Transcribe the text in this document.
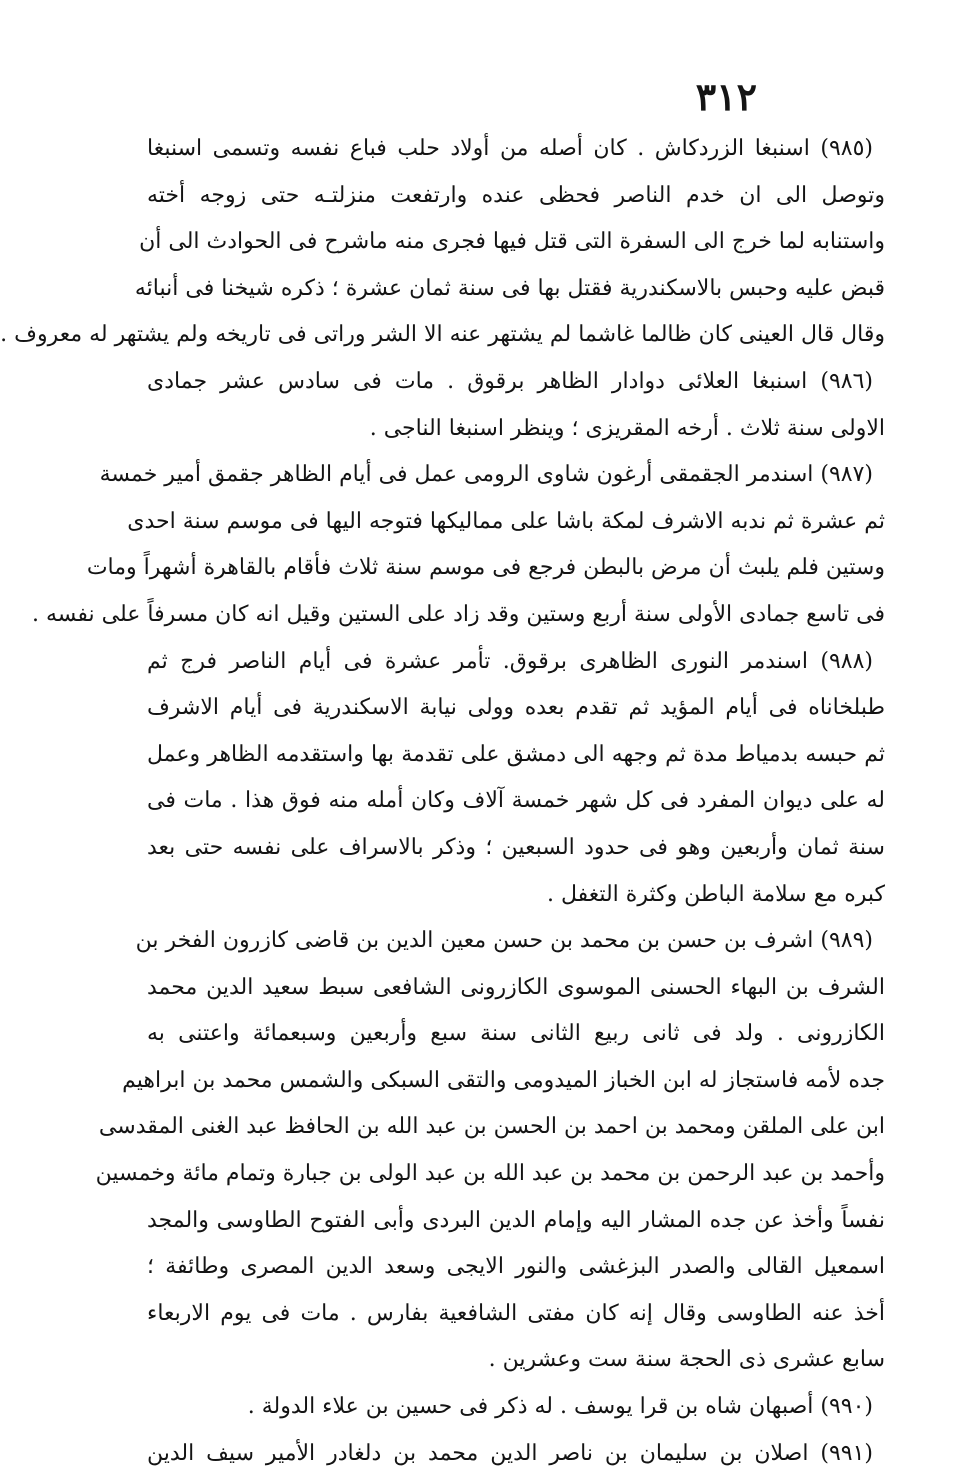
٣١٢
(٩٨٥) اسنبغا الزردكاش . كان أصله من أولاد حلب فباع نفسه وتسمى اسنبغا
وتوصل الى ان خدم الناصر فحظى عنده وارتفعت منزلتـه حتى زوجه أخته
واستنابه لما خرج الى السفرة التى قتل فيها فجرى منه ماشرح فى الحوادث الى أن
قبض عليه وحبس بالاسكندرية فقتل بها فى سنة ثمان عشرة ؛ ذكره شيخنا فى أنبائه
وقال قال العينى كان ظالما غاشما لم يشتهر عنه الا الشر وراتى فى تاريخه ولم يشتهر له معروف .
(٩٨٦) اسنبغا العلائى دوادار الظاهر برقوق . مات فى سادس عشر جمادى
الاولى سنة ثلاث . أرخه المقريزى ؛ وينظر اسنبغا الناجى .
(٩٨٧) اسندمر الجقمقى أرغون شاوى الرومى عمل فى أيام الظاهر جقمق أمير خمسة
ثم عشرة ثم ندبه الاشرف لمكة باشا على مماليكها فتوجه اليها فى موسم سنة احدى
وستين فلم يلبث أن مرض بالبطن فرجع فى موسم سنة ثلاث فأقام بالقاهرة أشهراً ومات
فى تاسع جمادى الأولى سنة أربع وستين وقد زاد على الستين وقيل انه كان مسرفاً على نفسه .
(٩٨٨) اسندمر النورى الظاهرى برقوق. تأمر عشرة فى أيام الناصر فرج ثم
طبلخاناه فى أيام المؤيد ثم تقدم بعده وولى نيابة الاسكندرية فى أيام الاشرف
ثم حبسه بدمياط مدة ثم وجهه الى دمشق على تقدمة بها واستقدمه الظاهر وعمل
له على ديوان المفرد فى كل شهر خمسة آلاف وكان أمله منه فوق هذا . مات فى
سنة ثمان وأربعين وهو فى حدود السبعين ؛ وذكر بالاسراف على نفسه حتى بعد
كبره مع سلامة الباطن وكثرة التغفل .
(٩٨٩) اشرف بن حسن بن محمد بن حسن معين الدين بن قاضى كازرون الفخر بن
الشرف بن البهاء الحسنى الموسوى الكازرونى الشافعى سبط سعيد الدين محمد
الكازرونى . ولد فى ثانى ربيع الثانى سنة سبع وأربعين وسبعمائة واعتنى به
جده لأمه فاستجاز له ابن الخباز الميدومى والتقى السبكى والشمس محمد بن ابراهيم
ابن على الملقن ومحمد بن احمد بن الحسن بن عبد الله بن الحافظ عبد الغنى المقدسى
وأحمد بن عبد الرحمن بن محمد بن عبد الله بن عبد الولى بن جبارة وتمام مائة وخمسين
نفساً وأخذ عن جده المشار اليه وإمام الدين البردى وأبى الفتوح الطاوسى والمجد
اسمعيل القالى والصدر البزغشى والنور الايجى وسعد الدين المصرى وطائفة ؛
أخذ عنه الطاوسى وقال إنه كان مفتى الشافعية بفارس . مات فى يوم الاربعاء
سابع عشرى ذى الحجة سنة ست وعشرين .
(٩٩٠) أصبهان شاه بن قرا يوسف . له ذكر فى حسين بن علاء الدولة .
(٩٩١) اصلان بن سليمان بن ناصر الدين محمد بن دلغادر الأمير سيف الدين
